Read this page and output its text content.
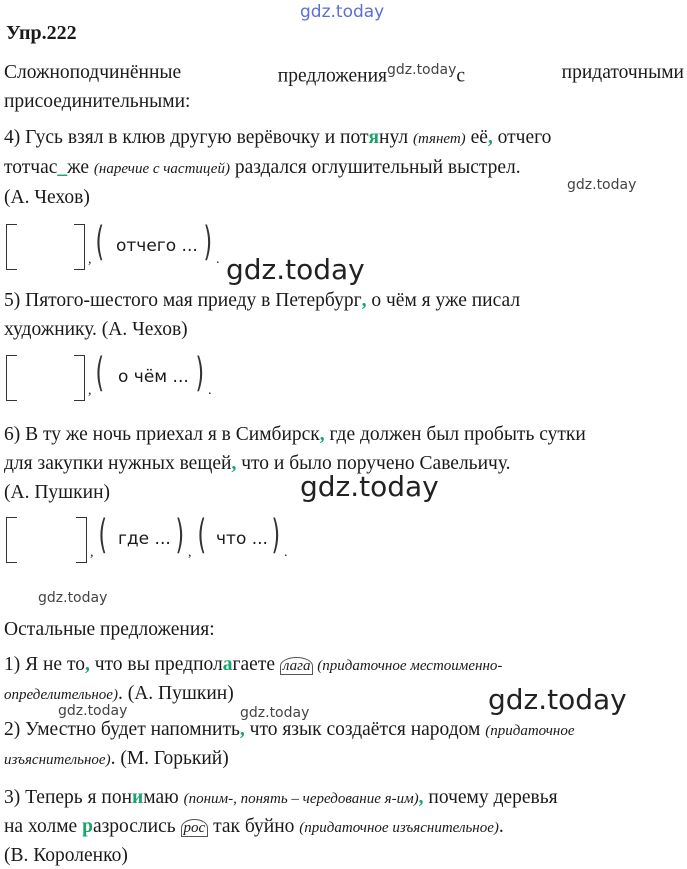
gdz.today
Упр.222
Сложноподчинённые	предложения$^{gdz.today}$с	придаточными
присоединительными:
4) Гусь взял в клюв другую верёвочку и потянул (тянет) её, отчего
тотчас_же (наречие с частицей) раздался оглушительный выстрел.
gdz.today
(А. Чехов)
, ( отчего ... ) . gdz.today
5) Пятого-шестого мая приеду в Петербург, о чём я уже писал
художнику. (А. Чехов)
, ( о чём ... ) .
6) В ту же ночь приехал я в Симбирск, где должен был пробыть сутки
для закупки нужных вещей, что и было поручено Савельичу.
(А. Пушкин)	gdz.today
, ( где ... ) , ( что ... ) .
gdz.today
Остальные предложения:
1) Я не то, что вы предполагаете лага (придаточное местоименно-
определительное). (А. Пушкин)	gdz.today
gdz.today	gdz.today
2) Уместно будет напомнить, что язык создаётся народом (придаточное
изъяснительное). (М. Горький)
3) Теперь я понимаю (поним-, понять – чередование я-им), почему деревья
на холме разрослись рос так буйно (придаточное изъяснительное).
(В. Короленко)
